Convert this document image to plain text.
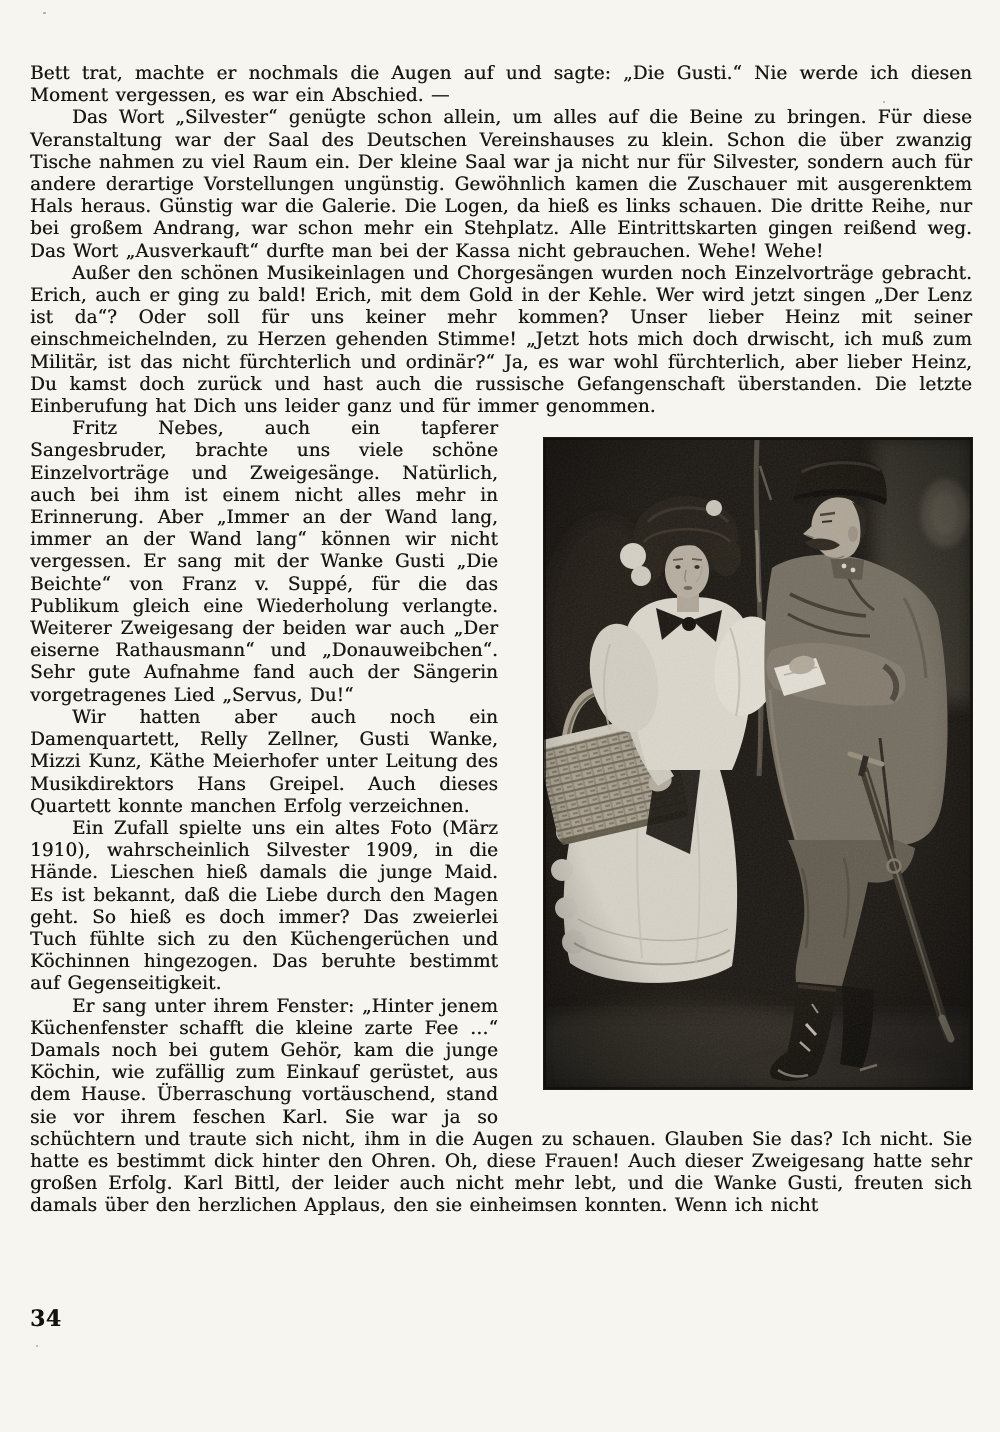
Bett trat, machte er nochmals die Augen auf und sagte: „Die Gusti.“ Nie werde ich diesen Moment vergessen, es war ein Abschied. —

Das Wort „Silvester“ genügte schon allein, um alles auf die Beine zu bringen. Für diese Veranstaltung war der Saal des Deutschen Vereinshauses zu klein. Schon die über zwanzig Tische nahmen zu viel Raum ein. Der kleine Saal war ja nicht nur für Silvester, sondern auch für andere derartige Vorstellungen ungünstig. Gewöhnlich kamen die Zuschauer mit ausgerenktem Hals heraus. Günstig war die Galerie. Die Logen, da hieß es links schauen. Die dritte Reihe, nur bei großem Andrang, war schon mehr ein Stehplatz. Alle Eintrittskarten gingen reißend weg. Das Wort „Ausverkauft“ durfte man bei der Kassa nicht gebrauchen. Wehe! Wehe!

Außer den schönen Musikeinlagen und Chorgesängen wurden noch Einzelvorträge gebracht. Erich, auch er ging zu bald! Erich, mit dem Gold in der Kehle. Wer wird jetzt singen „Der Lenz ist da“? Oder soll für uns keiner mehr kommen? Unser lieber Heinz mit seiner einschmeichelnden, zu Herzen gehenden Stimme! „Jetzt hots mich doch drwischt, ich muß zum Militär, ist das nicht fürchterlich und ordinär?“ Ja, es war wohl fürchterlich, aber lieber Heinz, Du kamst doch zurück und hast auch die russische Gefangenschaft überstanden. Die letzte Einberufung hat Dich uns leider ganz und für immer genommen.

Fritz Nebes, auch ein tapferer Sangesbruder, brachte uns viele schöne Einzelvorträge und Zweigesänge. Natürlich, auch bei ihm ist einem nicht alles mehr in Erinnerung. Aber „Immer an der Wand lang, immer an der Wand lang“ können wir nicht vergessen. Er sang mit der Wanke Gusti „Die Beichte“ von Franz v. Suppé, für die das Publikum gleich eine Wiederholung verlangte. Weiterer Zweigesang der beiden war auch „Der eiserne Rathausmann“ und „Donauweibchen“. Sehr gute Aufnahme fand auch der Sängerin vorgetragenes Lied „Servus, Du!“

Wir hatten aber auch noch ein Damenquartett, Relly Zellner, Gusti Wanke, Mizzi Kunz, Käthe Meierhofer unter Leitung des Musikdirektors Hans Greipel. Auch dieses Quartett konnte manchen Erfolg verzeichnen.

Ein Zufall spielte uns ein altes Foto (März 1910), wahrscheinlich Silvester 1909, in die Hände. Lieschen hieß damals die junge Maid. Es ist bekannt, daß die Liebe durch den Magen geht. So hieß es doch immer? Das zweierlei Tuch fühlte sich zu den Küchengerüchen und Köchinnen hingezogen. Das beruhte bestimmt auf Gegenseitigkeit.

Er sang unter ihrem Fenster: „Hinter jenem Küchenfenster schafft die kleine zarte Fee …“ Damals noch bei gutem Gehör, kam die junge Köchin, wie zufällig zum Einkauf gerüstet, aus dem Hause. Überraschung vortäuschend, stand sie vor ihrem feschen Karl. Sie war ja so schüchtern und traute sich nicht, ihm in die Augen zu schauen. Glauben Sie das? Ich nicht. Sie hatte es bestimmt dick hinter den Ohren. Oh, diese Frauen! Auch dieser Zweigesang hatte sehr großen Erfolg. Karl Bittl, der leider auch nicht mehr lebt, und die Wanke Gusti, freuten sich damals über den herzlichen Applaus, den sie einheimsen konnten. Wenn ich nicht

34
